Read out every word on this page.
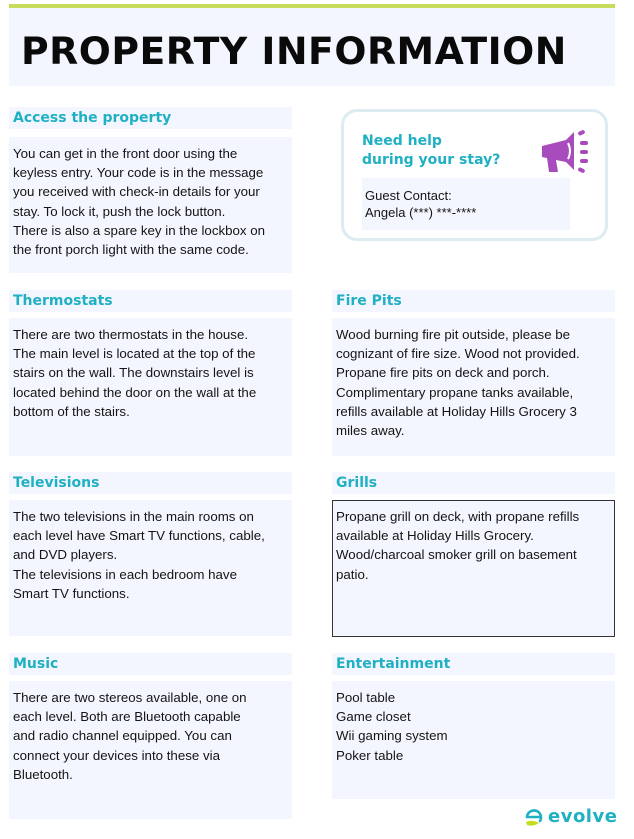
PROPERTY INFORMATION
Access the property
You can get in the front door using the
keyless entry. Your code is in the message
you received with check-in details for your
stay. To lock it, push the lock button.
There is also a spare key in the lockbox on
the front porch light with the same code.
Need help
during your stay?
Guest Contact:
Angela (***) ***-****
Thermostats
There are two thermostats in the house.
The main level is located at the top of the
stairs on the wall. The downstairs level is
located behind the door on the wall at the
bottom of the stairs.
Fire Pits
Wood burning fire pit outside, please be
cognizant of fire size. Wood not provided.
Propane fire pits on deck and porch.
Complimentary propane tanks available,
refills available at Holiday Hills Grocery 3
miles away.
Televisions
The two televisions in the main rooms on
each level have Smart TV functions, cable,
and DVD players.
The televisions in each bedroom have
Smart TV functions.
Grills
Propane grill on deck, with propane refills
available at Holiday Hills Grocery.
Wood/charcoal smoker grill on basement
patio.
Music
There are two stereos available, one on
each level. Both are Bluetooth capable
and radio channel equipped. You can
connect your devices into these via
Bluetooth.
Entertainment
Pool table
Game closet
Wii gaming system
Poker table
evolve
